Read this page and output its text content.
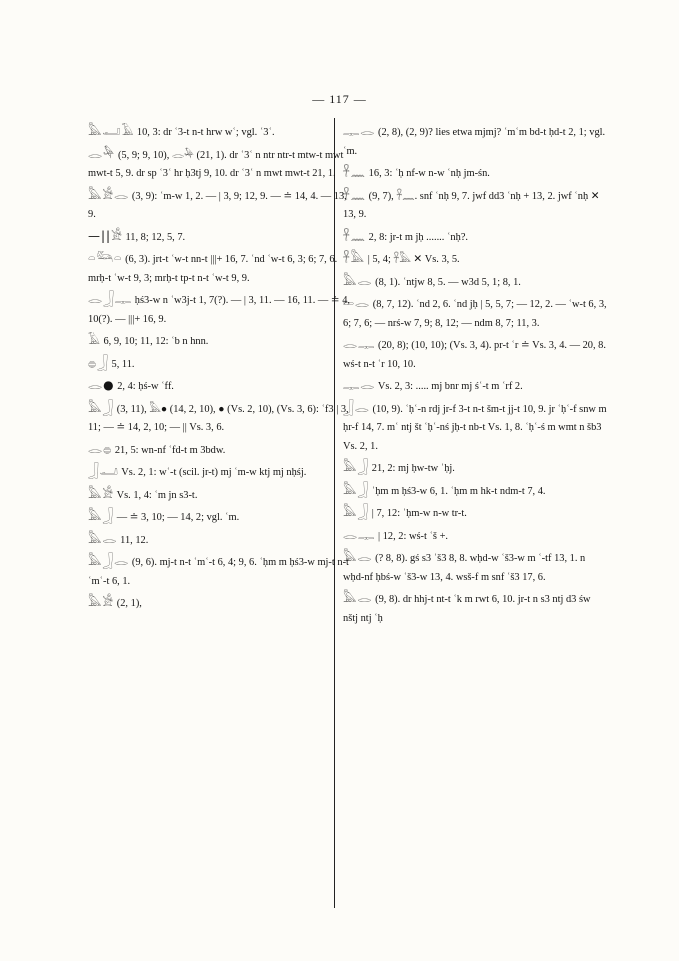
— 117 —
𓅓𓂝𓄿 10, 3: dr ʿ3-t n-t hrw wʿ; vgl. ʿ3ʿ.
𓂋𓅆 (5, 9; 9, 10), 𓂋𓅆 (21, 1). dr ʿ3ʿ n ntr ntr-t mtw-t mwt mwt-t 5, 9. dr sp ʿ3ʿ hr ḥ3tj 9, 10. dr ʿ3ʿ n mwt mwt-t 21, 1.
𓅓𓀀𓂋 (3, 9): ʿm-w 1, 2. — | 3, 9; 12, 9. — ≐ 14, 4. — 13, 9.
—||𓀀 11, 8; 12, 5, 7.
𓏏𓃛𓏏 (6, 3). jrt-t ʿw-t nn-t |||+ 16, 7. ʿnd ʿw-t 6, 3; 6; 7, 6. mrḥ-t ʿw-t 9, 3; mrḥ-t tp-t n-t ʿw-t 9, 9.
𓂋𓃀𓊃 ḥś3-w n ʿw3j-t 1, 7(?). — | 3, 11. — 16, 11. — ≐ 4, 10(?). — |||+ 16, 9.
𓄿 6, 9, 10; 11, 12: ʿb n hnn.
𓐍𓃀 5, 11.
𓂋● 2, 4: ḥś-w ʿff.
𓅓𓃀 (3, 11), 𓅓● (14, 2, 10), ● (Vs. 2, 10), (Vs. 3, 6): ʿf3 | 3, 11; — ≐ 14, 2, 10; — || Vs. 3, 6.
𓂋𓐍 21, 5: wn-nf ʿfd-t m 3bdw.
𓃀𓂝 Vs. 2, 1: wʿ-t (scil. jr-t) mj ʿm-w ktj mj nḥśj.
𓅓𓀀 Vs. 1, 4: ʿm jn s3-t.
𓅓𓃀 — ≐ 3, 10; — 14, 2; vgl. ʿm.
𓅓𓂋 11, 12.
𓅓𓃀𓂋 (9, 6). mj-t n-t ʿmʿ-t 6, 4; 9, 6. ʿḥm m ḥś3-w mj-t n-t ʿmʿ-t 6, 1.
𓅓𓀀 (2, 1),
𓊃𓂋 (2, 8), (2, 9)? lies etwa mjmj? ʿmʿm bd-t ḥd-t 2, 1; vgl. ʿm.
𓋹𓈖 16, 3: ʿḥ nf-w n-w ʿnḥ jm-śn.
𓋹𓈖 (9, 7), 𓋹𓈖. snf ʿnḥ 9, 7. jwf dd3 ʿnḥ + 13, 2. jwf ʿnḥ ✕ 13, 9.
𓋹𓈖 2, 8: jr-t m jḥ ....... ʿnḥ?.
𓋹𓅓 | 5, 4; 𓋹𓅓 ✕ Vs. 3, 5.
𓅓𓂋 (8, 1). ʿntjw 8, 5. — w3d 5, 1; 8, 1.
𓍿𓂋 (8, 7, 12). ʿnd 2, 6. ʿnd jḥ | 5, 5, 7; — 12, 2. — ʿw-t 6, 3, 6; 7, 6; — nrś-w 7, 9; 8, 12; — ndm 8, 7; 11, 3.
𓂋𓊃 (20, 8); (10, 10); (Vs. 3, 4). pr-t ʿr ≐ Vs. 3, 4. — 20, 8. wś-t n-t ʿr 10, 10.
𓊃𓂋 Vs. 2, 3: ..... mj bnr mj śʿ-t m ʿrf 2.
𓃀𓂋 (10, 9). ʿḥʿ-n rdj jr-f 3-t n-t šm-t jj-t 10, 9. jr ʿḥʿ-f snw m ḥr-f 14, 7. mʿ ntj št ʿḥʿ-nś jḥ-t nb-t Vs. 1, 8. ʿḥʿ-ś m wmt n šb3 Vs. 2, 1.
𓅓𓃀 21, 2: mj ḥw-tw ʿḥj.
𓅓𓃀 ʿḥm m ḥś3-w 6, 1. ʿḥm m hk-t ndm-t 7, 4.
𓅓𓃀 | 7, 12: ʿḥm-w n-w tr-t.
𓂋𓊃 | 12, 2: wś-t ʿš +.
𓅓𓂋 (? 8, 8). gś s3 ʿš3 8, 8. wḥd-w ʿš3-w m ʿ-tf 13, 1. n wḥd-nf ḥbś-w ʿš3-w 13, 4. wsš-f m snf ʿš3 17, 6.
𓅓𓂋 (9, 8). dr hhj-t nt-t ʿk m rwt 6, 10. jr-t n s3 ntj d3 św nštj ntj ʿḥ
